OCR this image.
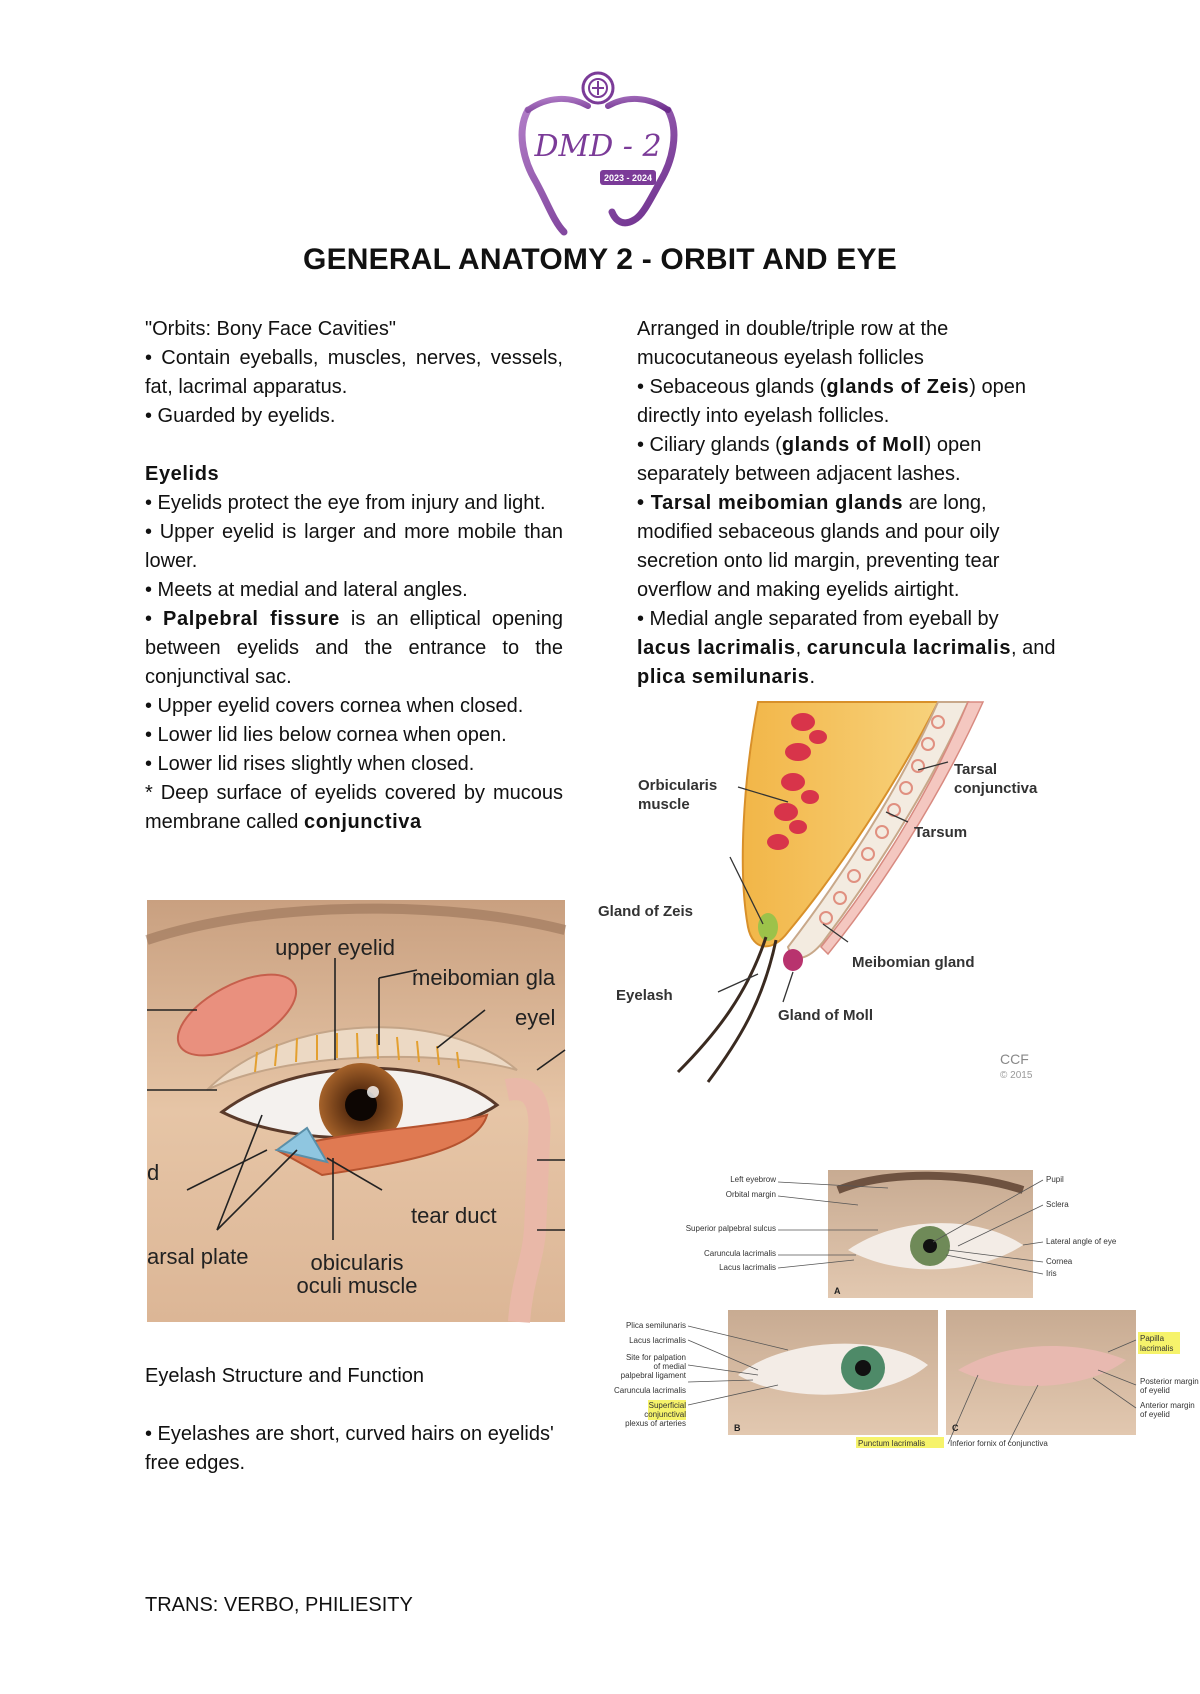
DMD - 2
2023 - 2024
GENERAL ANATOMY 2 - ORBIT AND EYE

"Orbits: Bony Face Cavities"

• Contain eyeballs, muscles, nerves, vessels, fat, lacrimal apparatus.

• Guarded by eyelids.

Eyelids

• Eyelids protect the eye from injury and light.

• Upper eyelid is larger and more mobile than lower.

• Meets at medial and lateral angles.

• Palpebral fissure is an elliptical opening between eyelids and the entrance to the conjunctival sac.

• Upper eyelid covers cornea when closed.

• Lower lid lies below cornea when open.

• Lower lid rises slightly when closed.

* Deep surface of eyelids covered by mucous membrane called conjunctiva

upper eyelid
meibomian gla
eyel
d
tear duct
arsal plate	obicularis
oculi muscle

Eyelash Structure and Function

• Eyelashes are short, curved hairs on eyelids' free edges.

Arranged in double/triple row at the mucocutaneous eyelash follicles

• Sebaceous glands (glands of Zeis) open directly into eyelash follicles.

• Ciliary glands (glands of Moll) open separately between adjacent lashes.

• Tarsal meibomian glands are long, modified sebaceous glands and pour oily secretion onto lid margin, preventing tear overflow and making eyelids airtight.

• Medial angle separated from eyeball by lacus lacrimalis, caruncula lacrimalis, and plica semilunaris.

Orbicularis
muscle
Tarsal
conjunctiva
Tarsum
Gland of Zeis
Meibomian gland
Eyelash
Gland of Moll
CCF
© 2015
Left eyebrow
Orbital margin
Superior palpebral sulcus
Caruncula lacrimalis
Lacus lacrimalis
Pupil
Sclera
Lateral angle of eye
Cornea
Iris
Plica semilunaris
Lacus lacrimalis
Site for palpation
of medial
palpebral ligament
Caruncula lacrimalis
Superficial
conjunctival
plexus of arteries
Papilla
lacrimalis
Posterior margin
of eyelid
Anterior margin
of eyelid
Punctum lacrimalis	Inferior fornix of conjunctiva
A
B	C
TRANS: VERBO, PHILIESITY
